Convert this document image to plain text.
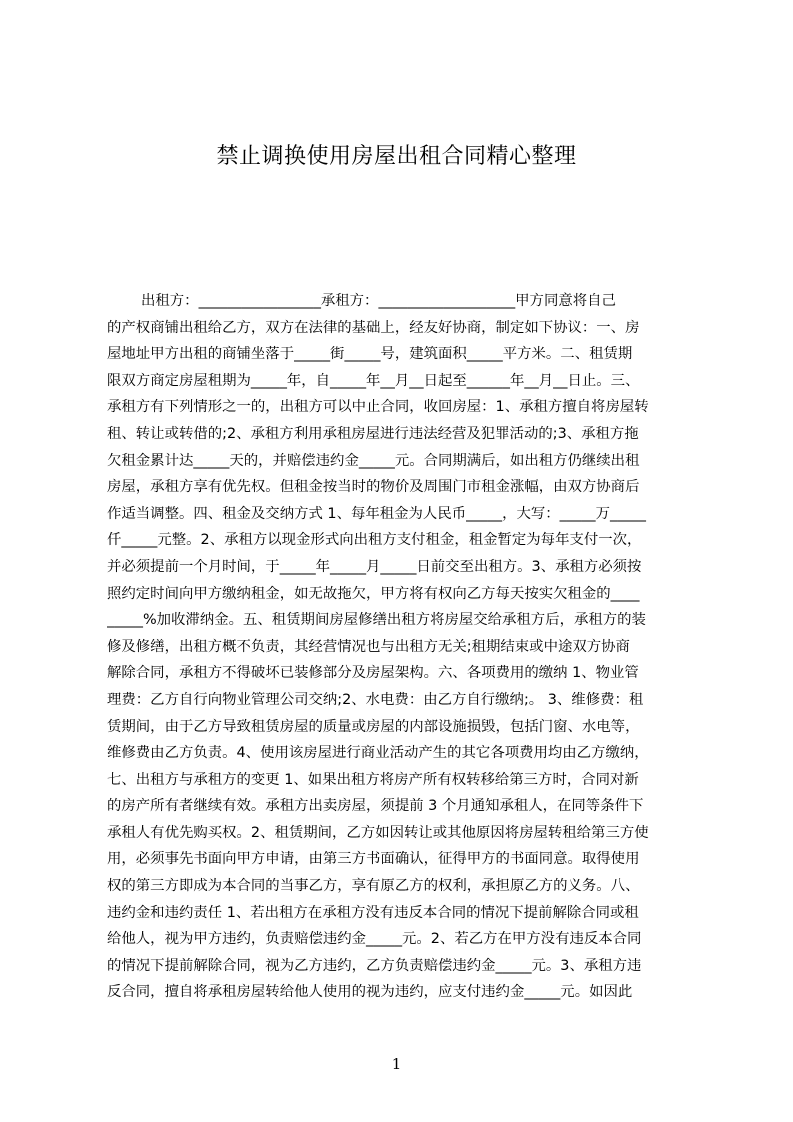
禁止调换使用房屋出租合同精心整理
出租方：_________________承租方：___________________甲方同意将自己
的产权商铺出租给乙方，双方在法律的基础上，经友好协商，制定如下协议：一、房
屋地址甲方出租的商铺坐落于_____街_____号，建筑面积_____平方米。二、租赁期
限双方商定房屋租期为_____年，自_____年__月__日起至______年__月__日止。三、
承租方有下列情形之一的，出租方可以中止合同，收回房屋：1、承租方擅自将房屋转
租、转让或转借的;2、承租方利用承租房屋进行违法经营及犯罪活动的;3、承租方拖
欠租金累计达_____天的，并赔偿违约金_____元。合同期满后，如出租方仍继续出租
房屋，承租方享有优先权。但租金按当时的物价及周围门市租金涨幅，由双方协商后
作适当调整。四、租金及交纳方式 1、每年租金为人民币_____，大写：_____万_____
仟_____元整。2、承租方以现金形式向出租方支付租金，租金暂定为每年支付一次，
并必须提前一个月时间，于_____年_____月_____日前交至出租方。3、承租方必须按
照约定时间向甲方缴纳租金，如无故拖欠，甲方将有权向乙方每天按实欠租金的____
_____%加收滞纳金。五、租赁期间房屋修缮出租方将房屋交给承租方后，承租方的装
修及修缮，出租方概不负责，其经营情况也与出租方无关;租期结束或中途双方协商
解除合同，承租方不得破坏已装修部分及房屋架构。六、各项费用的缴纳 1、物业管
理费：乙方自行向物业管理公司交纳;2、水电费：由乙方自行缴纳;。 3、维修费：租
赁期间，由于乙方导致租赁房屋的质量或房屋的内部设施损毁，包括门窗、水电等，
维修费由乙方负责。4、使用该房屋进行商业活动产生的其它各项费用均由乙方缴纳，
七、出租方与承租方的变更 1、如果出租方将房产所有权转移给第三方时，合同对新
的房产所有者继续有效。承租方出卖房屋，须提前 3 个月通知承租人，在同等条件下
承租人有优先购买权。2、租赁期间，乙方如因转让或其他原因将房屋转租给第三方使
用，必须事先书面向甲方申请，由第三方书面确认，征得甲方的书面同意。取得使用
权的第三方即成为本合同的当事乙方，享有原乙方的权利，承担原乙方的义务。八、
违约金和违约责任 1、若出租方在承租方没有违反本合同的情况下提前解除合同或租
给他人，视为甲方违约，负责赔偿违约金_____元。2、若乙方在甲方没有违反本合同
的情况下提前解除合同，视为乙方违约，乙方负责赔偿违约金_____元。3、承租方违
反合同，擅自将承租房屋转给他人使用的视为违约，应支付违约金_____元。如因此
1
